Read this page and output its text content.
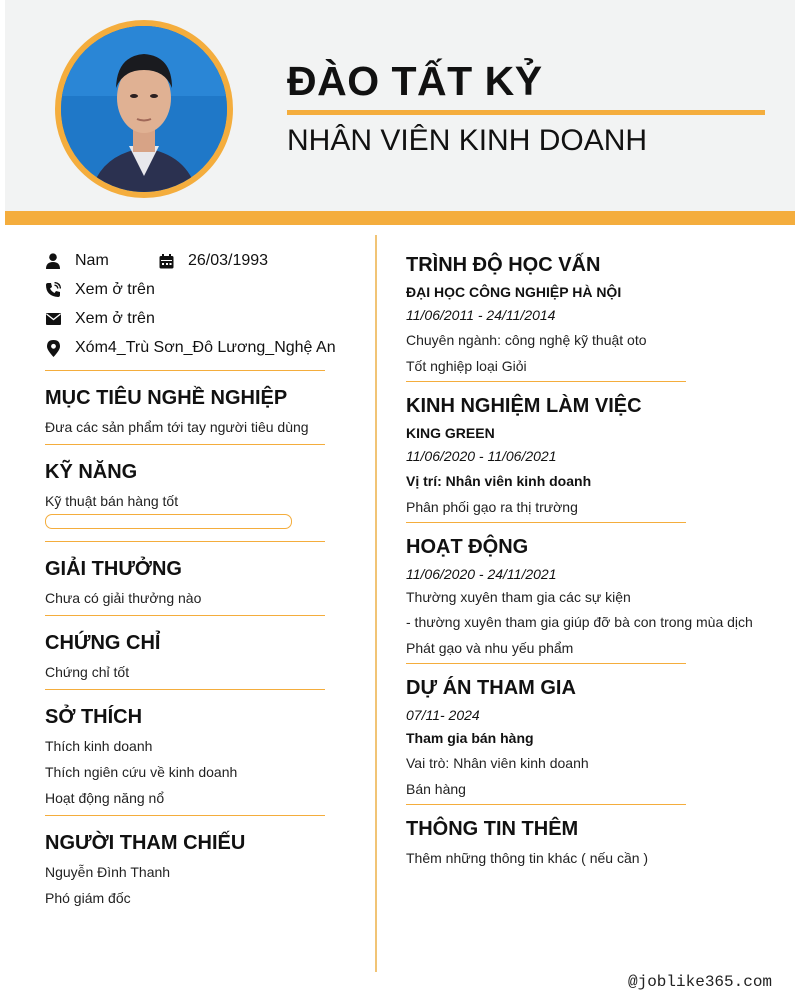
ĐÀO TẤT KỶ
NHÂN VIÊN KINH DOANH
Nam	26/03/1993
Xem ở trên
Xem ở trên
Xóm4_Trù Sơn_Đô Lương_Nghệ An
MỤC TIÊU NGHỀ NGHIỆP
Đưa các sản phẩm tới tay người tiêu dùng
KỸ NĂNG
Kỹ thuật bán hàng tốt
GIẢI THƯỞNG
Chưa có giải thưởng nào
CHỨNG CHỈ
Chứng chỉ tốt
SỞ THÍCH
Thích kinh doanh
Thích ngiên cứu về kinh doanh
Hoạt động năng nổ
NGƯỜI THAM CHIẾU
Nguyễn Đình Thanh
Phó giám đốc
TRÌNH ĐỘ HỌC VẤN
ĐẠI HỌC CÔNG NGHIỆP HÀ NỘI
11/06/2011 - 24/11/2014
Chuyên ngành: công nghệ kỹ thuật oto
Tốt nghiệp loại Giỏi
KINH NGHIỆM LÀM VIỆC
KING GREEN
11/06/2020 - 11/06/2021
Vị trí: Nhân viên kinh doanh
Phân phối gạo ra thị trường
HOẠT ĐỘNG
11/06/2020 - 24/11/2021
Thường xuyên tham gia các sự kiện
- thường xuyên tham gia giúp đỡ bà con trong mùa dịch
Phát gạo và nhu yếu phẩm
DỰ ÁN THAM GIA
07/11- 2024
Tham gia bán hàng
Vai trò: Nhân viên kinh doanh
Bán hàng
THÔNG TIN THÊM
Thêm những thông tin khác ( nếu cần )
@joblike365.com
